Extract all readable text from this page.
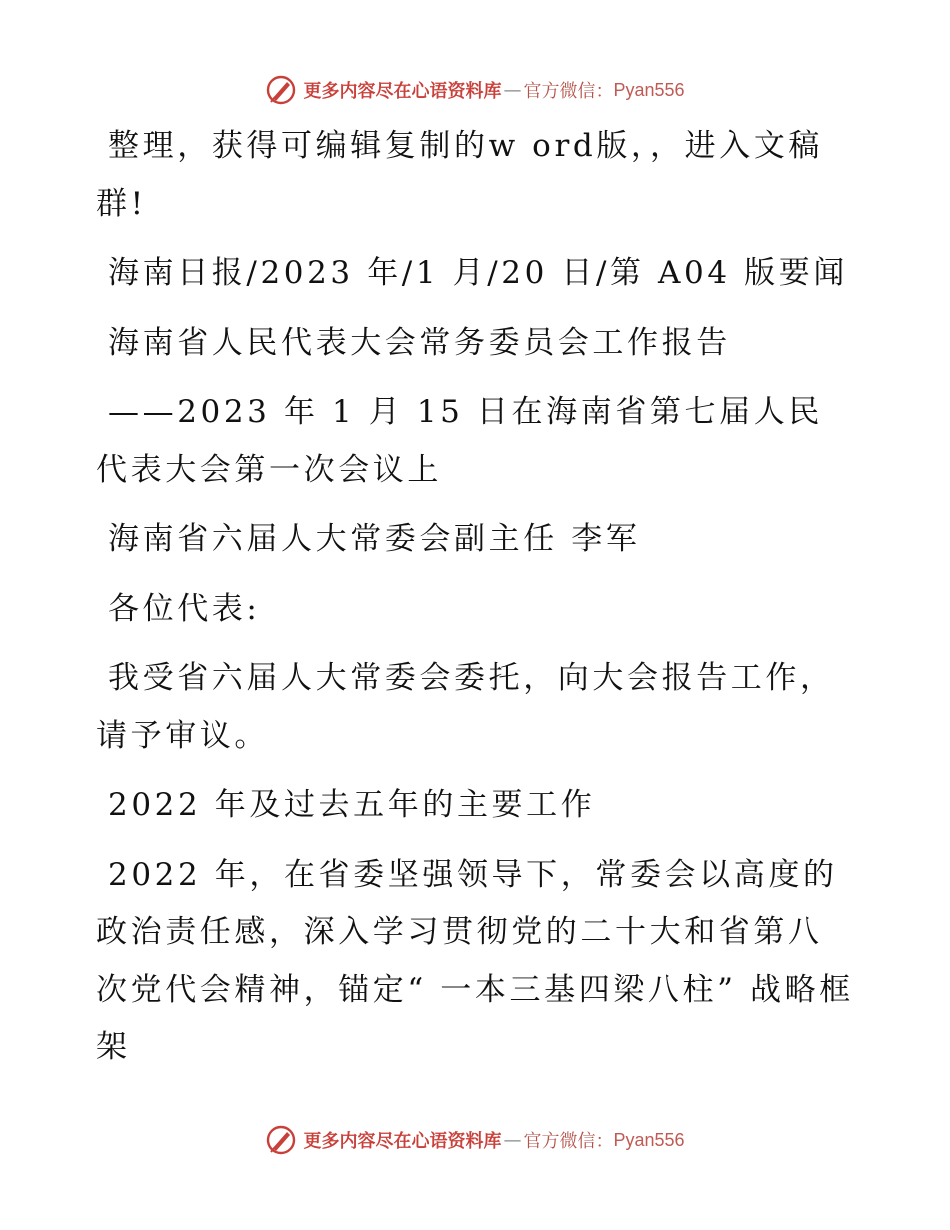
更多内容尽在心语资料库 — 官方微信： Pyan556

整理，获得可编辑复制的w ord版，，进入文稿群!

海南日报/2023 年/1 月/20 日/第 A04 版要闻

海南省人民代表大会常务委员会工作报告

——2023 年 1 月 15 日在海南省第七届人民代表大会第一次会议上

海南省六届人大常委会副主任 李军

各位代表:

我受省六届人大常委会委托，向大会报告工作，请予审议。

2022 年及过去五年的主要工作

2022 年，在省委坚强领导下，常委会以高度的政治责任感，深入学习贯彻党的二十大和省第八次党代会精神，锚定“ 一本三基四梁八柱” 战略框架

更多内容尽在心语资料库 — 官方微信： Pyan556
